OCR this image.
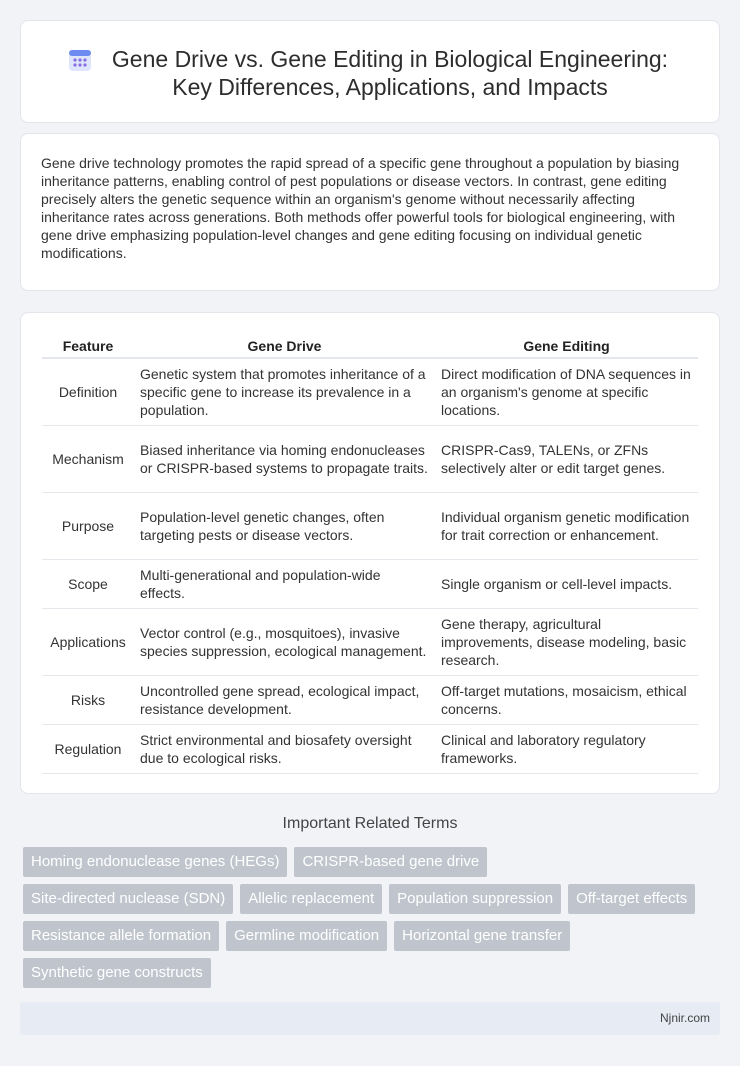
Gene Drive vs. Gene Editing in Biological Engineering: Key Differences, Applications, and Impacts

Gene drive technology promotes the rapid spread of a specific gene throughout a population by biasing inheritance patterns, enabling control of pest populations or disease vectors. In contrast, gene editing precisely alters the genetic sequence within an organism's genome without necessarily affecting inheritance rates across generations. Both methods offer powerful tools for biological engineering, with gene drive emphasizing population-level changes and gene editing focusing on individual genetic modifications.

Feature	Gene Drive	Gene Editing
Definition	Genetic system that promotes inheritance of a specific gene to increase its prevalence in a population.	Direct modification of DNA sequences in an organism's genome at specific locations.
Mechanism	Biased inheritance via homing endonucleases or CRISPR-based systems to propagate traits.	CRISPR-Cas9, TALENs, or ZFNs selectively alter or edit target genes.
Purpose	Population-level genetic changes, often targeting pests or disease vectors.	Individual organism genetic modification for trait correction or enhancement.
Scope	Multi-generational and population-wide effects.	Single organism or cell-level impacts.
Applications	Vector control (e.g., mosquitoes), invasive species suppression, ecological management.	Gene therapy, agricultural improvements, disease modeling, basic research.
Risks	Uncontrolled gene spread, ecological impact, resistance development.	Off-target mutations, mosaicism, ethical concerns.
Regulation	Strict environmental and biosafety oversight due to ecological risks.	Clinical and laboratory regulatory frameworks.
Important Related Terms
Homing endonuclease genes (HEGs)	CRISPR-based gene drive
Site-directed nuclease (SDN)	Allelic replacement	Population suppression	Off-target effects
Resistance allele formation	Germline modification	Horizontal gene transfer
Synthetic gene constructs
Njnir.com
